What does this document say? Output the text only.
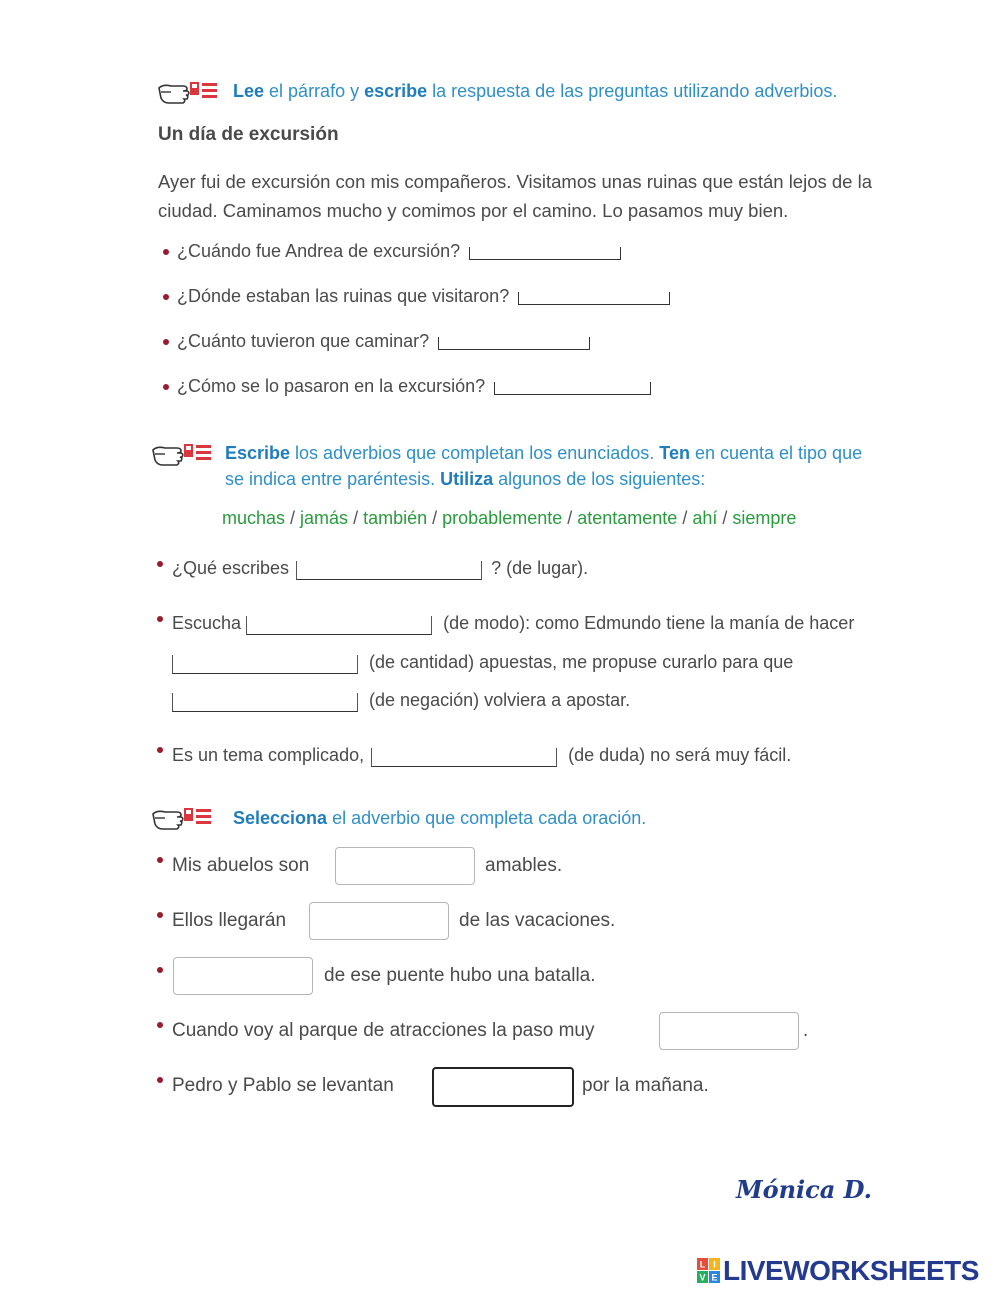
Lee el párrafo y escribe la respuesta de las preguntas utilizando adverbios.
Un día de excursión
Ayer fui de excursión con mis compañeros. Visitamos unas ruinas que están lejos de la
ciudad. Caminamos mucho y comimos por el camino. Lo pasamos muy bien.
¿Cuándo fue Andrea de excursión?
¿Dónde estaban las ruinas que visitaron?
¿Cuánto tuvieron que caminar?
¿Cómo se lo pasaron en la excursión?
Escribe los adverbios que completan los enunciados. Ten en cuenta el tipo que
se indica entre paréntesis. Utiliza algunos de los siguientes:
muchas / jamás / también / probablemente / atentamente / ahí / siempre
¿Qué escribes	? (de lugar).
Escucha	(de modo): como Edmundo tiene la manía de hacer
(de cantidad) apuestas, me propuse curarlo para que
(de negación) volviera a apostar.
Es un tema complicado,	(de duda) no será muy fácil.
Selecciona el adverbio que completa cada oración.
Mis abuelos son	amables.
Ellos llegarán	de las vacaciones.
de ese puente hubo una batalla.
Cuando voy al parque de atracciones la paso muy	.
Pedro y Pablo se levantan	por la mañana.
Mónica D.
L I
V E LIVEWORKSHEETS
